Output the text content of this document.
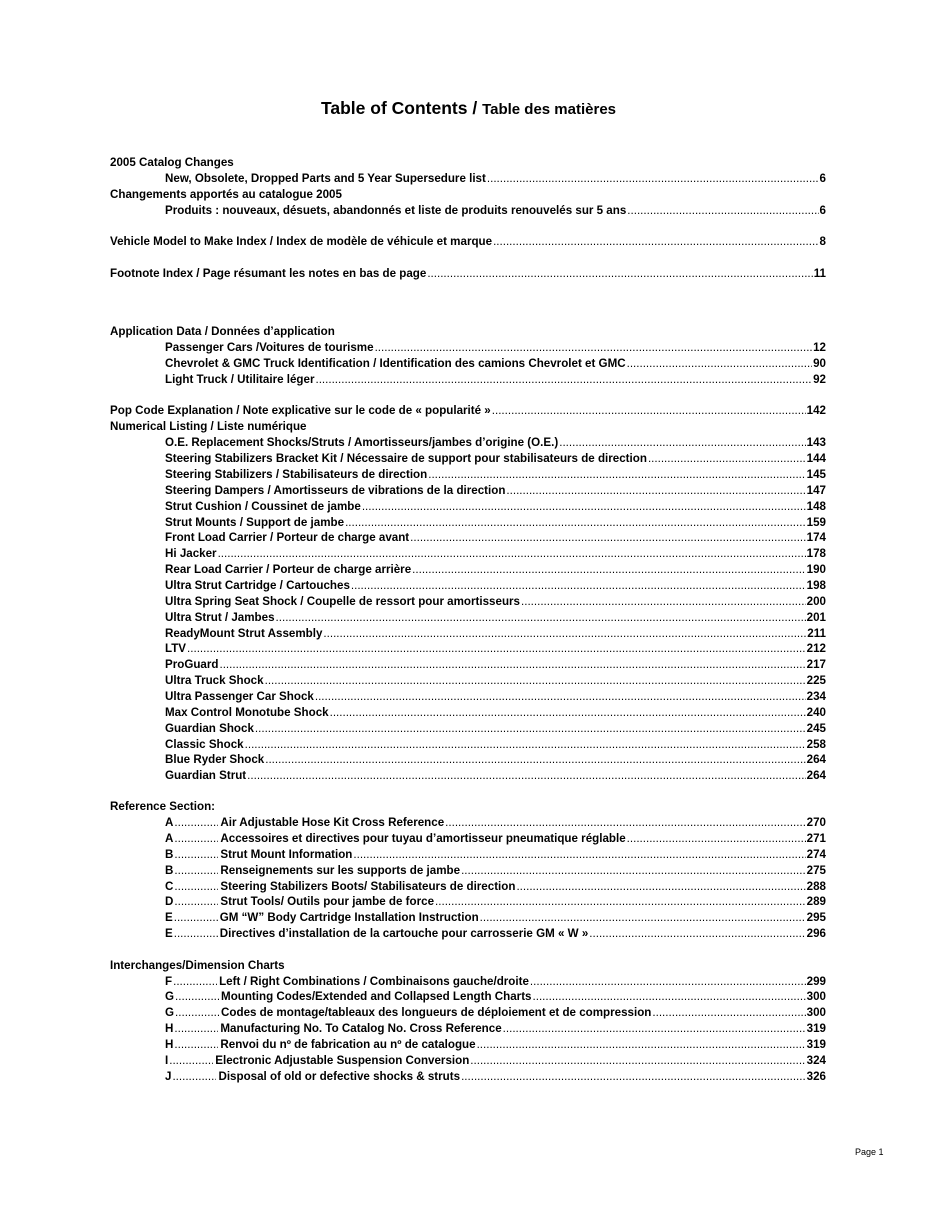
Table of Contents / Table des matières
2005 Catalog Changes
New, Obsolete, Dropped Parts and 5 Year Supersedure list .....	6
Changements apportés au catalogue 2005
Produits : nouveaux, désuets, abandonnés et liste de produits renouvelés sur 5 ans .....	6
Vehicle Model to Make Index / Index de modèle de véhicule et marque .....	8
Footnote Index / Page résumant les notes en bas de page .....	11
Application Data / Données d’application
Passenger Cars /Voitures de tourisme .....	12
Chevrolet & GMC Truck Identification / Identification des camions Chevrolet et GMC .....	90
Light Truck / Utilitaire léger .....	92
Pop Code Explanation / Note explicative sur le code de « popularité » .....	142
Numerical Listing / Liste numérique
O.E. Replacement Shocks/Struts / Amortisseurs/jambes d’origine (O.E.) .....	143
Steering Stabilizers Bracket Kit / Nécessaire de support pour stabilisateurs de direction .....	144
Steering Stabilizers / Stabilisateurs de direction .....	145
Steering Dampers / Amortisseurs de vibrations de la direction .....	147
Strut Cushion / Coussinet de jambe .....	148
Strut Mounts / Support de jambe .....	159
Front Load Carrier / Porteur de charge avant .....	174
Hi Jacker .....	178
Rear Load Carrier / Porteur de charge arrière .....	190
Ultra Strut Cartridge / Cartouches .....	198
Ultra Spring Seat Shock / Coupelle de ressort pour amortisseurs .....	200
Ultra Strut / Jambes .....	201
ReadyMount Strut Assembly .....	211
LTV .....	212
ProGuard .....	217
Ultra Truck Shock .....	225
Ultra Passenger Car Shock .....	234
Max Control Monotube Shock .....	240
Guardian Shock .....	245
Classic Shock .....	258
Blue Ryder Shock .....	264
Guardian Strut .....	264
Reference Section:
A .....	Air Adjustable Hose Kit Cross Reference .....	270
A .....	Accessoires et directives pour tuyau d’amortisseur pneumatique réglable .....	271
B .....	Strut Mount Information .....	274
B .....	Renseignements sur les supports de jambe .....	275
C .....	Steering Stabilizers Boots/ Stabilisateurs de direction .....	288
D .....	Strut Tools/ Outils pour jambe de force .....	289
E .....	GM “W” Body Cartridge Installation Instruction .....	295
E .....	Directives d’installation de la cartouche pour carrosserie GM « W » .....	296
Interchanges/Dimension Charts
F .....	Left / Right Combinations / Combinaisons gauche/droite .....	299
G .....	Mounting Codes/Extended and Collapsed Length Charts .....	300
G .....	Codes de montage/tableaux des longueurs de déploiement et de compression .....	300
H .....	Manufacturing No. To Catalog No. Cross Reference .....	319
H .....	Renvoi du nº de fabrication au nº de catalogue .....	319
I .....	Electronic Adjustable Suspension Conversion .....	324
J .....	Disposal of old or defective shocks & struts .....	326
Page 1
